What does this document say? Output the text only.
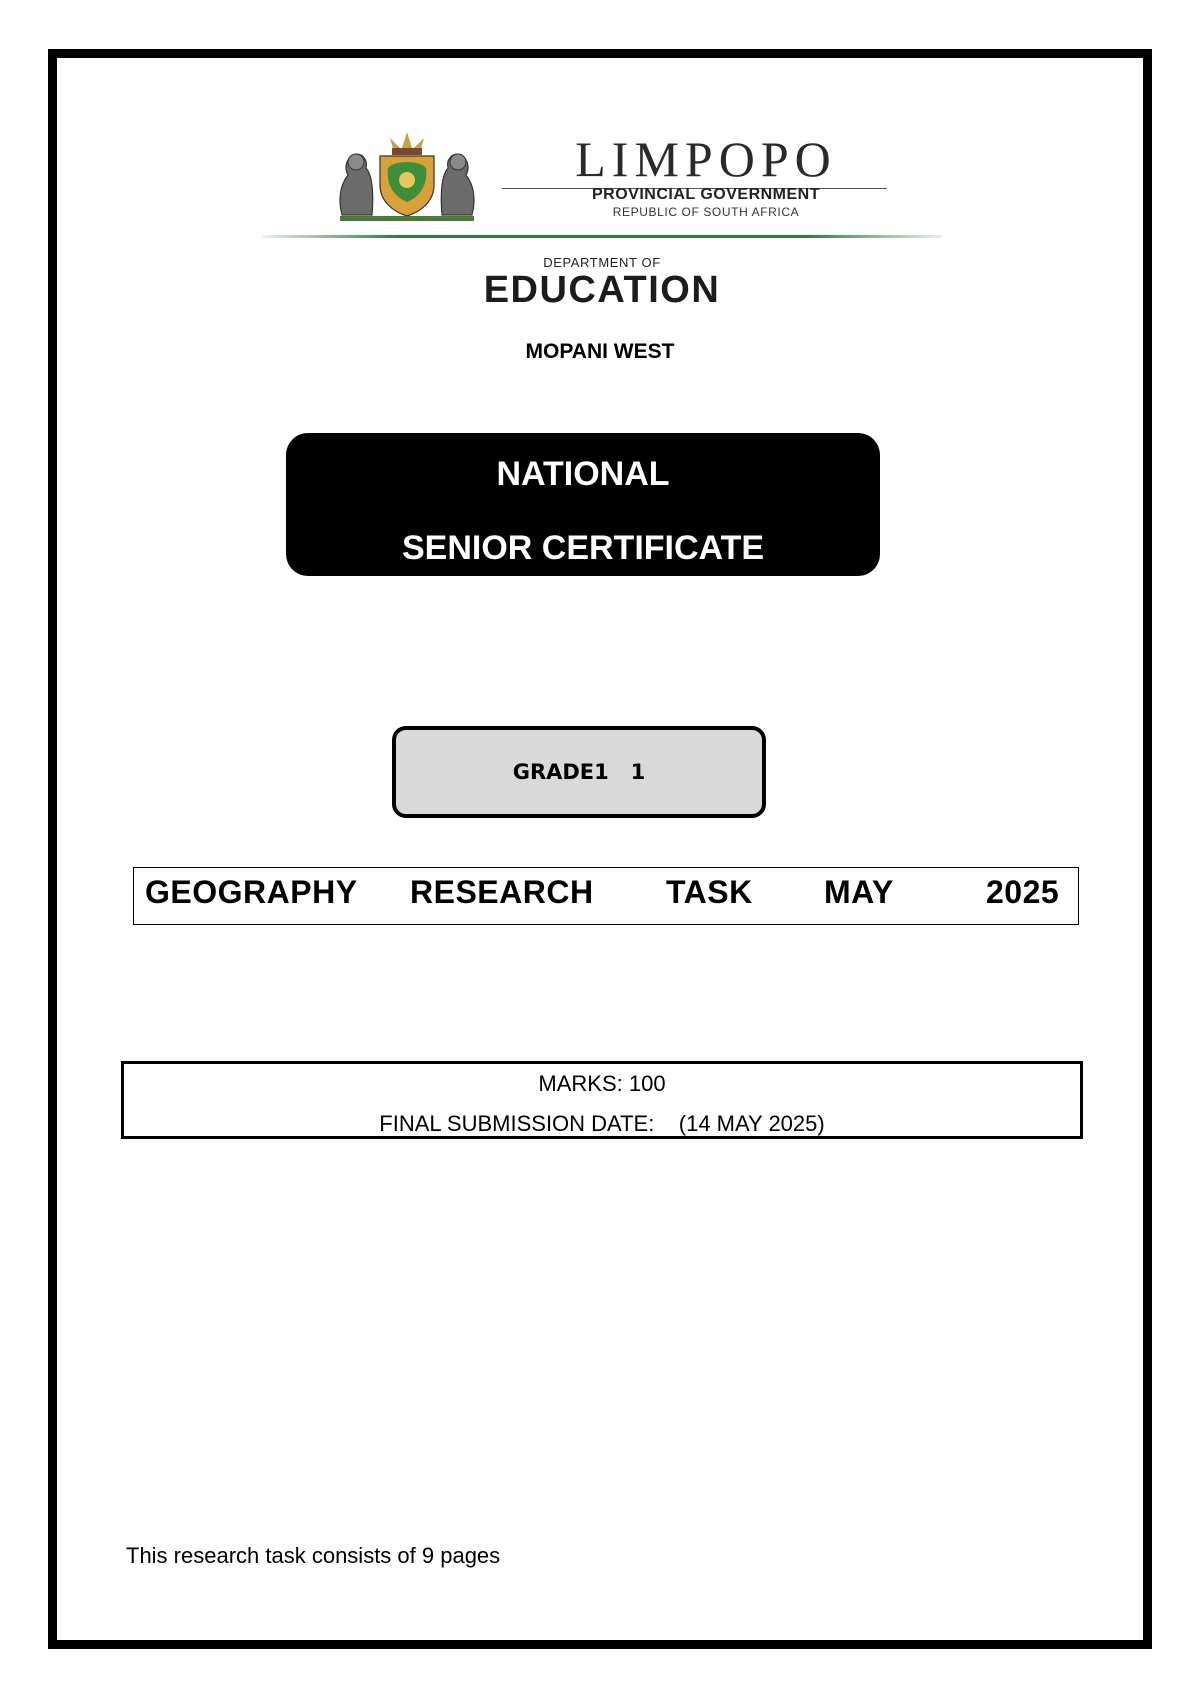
LIMPOPO
PROVINCIAL GOVERNMENT
REPUBLIC OF SOUTH AFRICA
DEPARTMENT OF
EDUCATION
MOPANI WEST
NATIONAL
SENIOR CERTIFICATE
GRADE1   1
GEOGRAPHY RESEARCH TASK MAY	2025
MARKS: 100
FINAL SUBMISSION DATE:    (14 MAY 2025)
This research task consists of 9 pages
